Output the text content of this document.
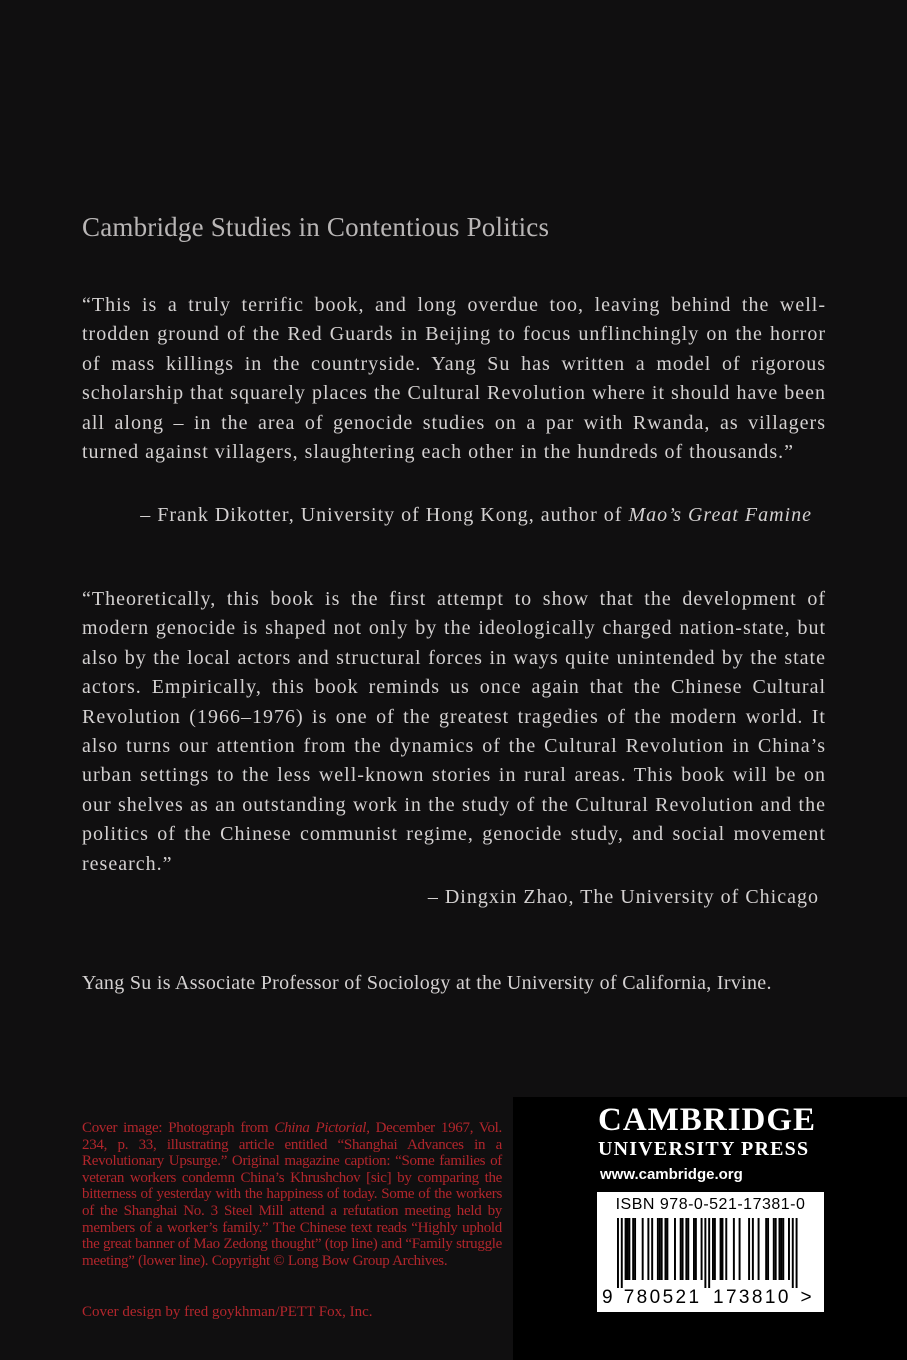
Cambridge Studies in Contentious Politics

“This is a truly terrific book, and long overdue too, leaving behind the well-trodden ground of the Red Guards in Beijing to focus unflinchingly on the horror of mass killings in the countryside. Yang Su has written a model of rigorous scholarship that squarely places the Cultural Revolution where it should have been all along – in the area of genocide studies on a par with Rwanda, as villagers turned against villagers, slaughtering each other in the hundreds of thousands.”

– Frank Dikotter, University of Hong Kong, author of Mao’s Great Famine

“Theoretically, this book is the first attempt to show that the development of modern genocide is shaped not only by the ideologically charged nation-state, but also by the local actors and structural forces in ways quite unintended by the state actors. Empirically, this book reminds us once again that the Chinese Cultural Revolution (1966–1976) is one of the greatest tragedies of the modern world. It also turns our attention from the dynamics of the Cultural Revolution in China’s urban settings to the less well-known stories in rural areas. This book will be on our shelves as an outstanding work in the study of the Cultural Revolution and the politics of the Chinese communist regime, genocide study, and social movement research.”

– Dingxin Zhao, The University of Chicago
Yang Su is Associate Professor of Sociology at the University of California, Irvine.

Cover image: Photograph from China Pictorial, December 1967, Vol. 234, p. 33, illustrating article entitled “Shanghai Advances in a Revolutionary Upsurge.” Original magazine caption: “Some families of veteran workers condemn China’s Khrushchov [sic] by comparing the bitterness of yesterday with the happiness of today. Some of the workers of the Shanghai No. 3 Steel Mill attend a refutation meeting held by members of a worker’s family.” The Chinese text reads “Highly uphold the great banner of Mao Zedong thought” (top line) and “Family struggle meeting” (lower line). Copyright © Long Bow Group Archives.

Cover design by fred goykhman/PETT Fox, Inc.
CAMBRIDGE
UNIVERSITY PRESS
www.cambridge.org
ISBN 978-0-521-17381-0
9 780521 173810 >
